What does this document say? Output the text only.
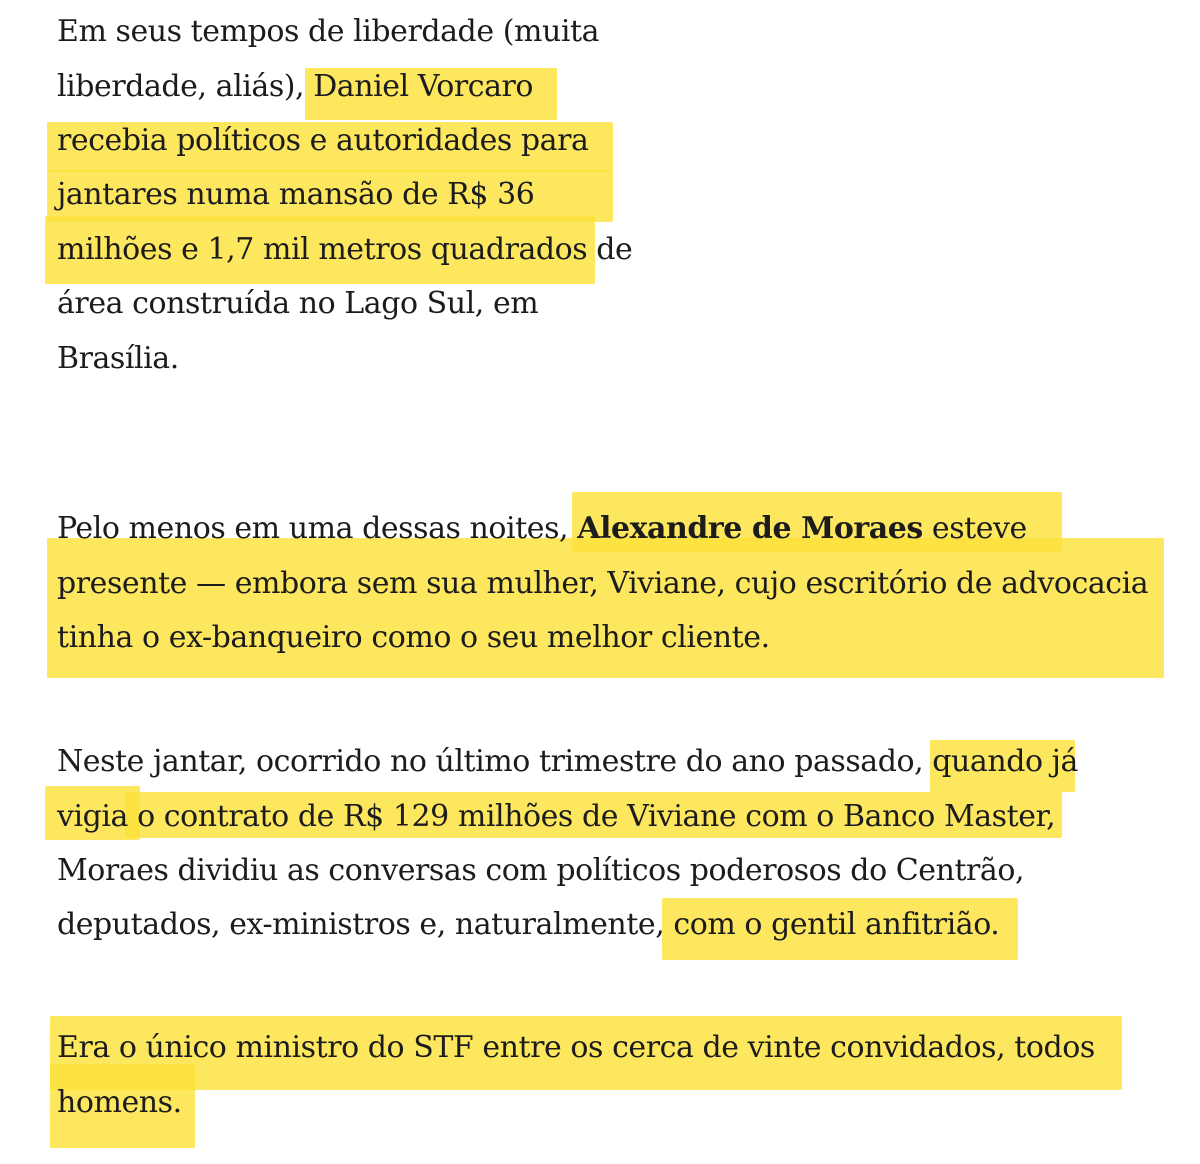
Em seus tempos de liberdade (muita
liberdade, aliás), Daniel Vorcaro
recebia políticos e autoridades para
jantares numa mansão de R$ 36
milhões e 1,7 mil metros quadrados de
área construída no Lago Sul, em
Brasília.
Pelo menos em uma dessas noites, Alexandre de Moraes esteve
presente — embora sem sua mulher, Viviane, cujo escritório de advocacia
tinha o ex-banqueiro como o seu melhor cliente.
Neste jantar, ocorrido no último trimestre do ano passado, quando já
vigia o contrato de R$ 129 milhões de Viviane com o Banco Master,
Moraes dividiu as conversas com políticos poderosos do Centrão,
deputados, ex-ministros e, naturalmente, com o gentil anfitrião.
Era o único ministro do STF entre os cerca de vinte convidados, todos
homens.
